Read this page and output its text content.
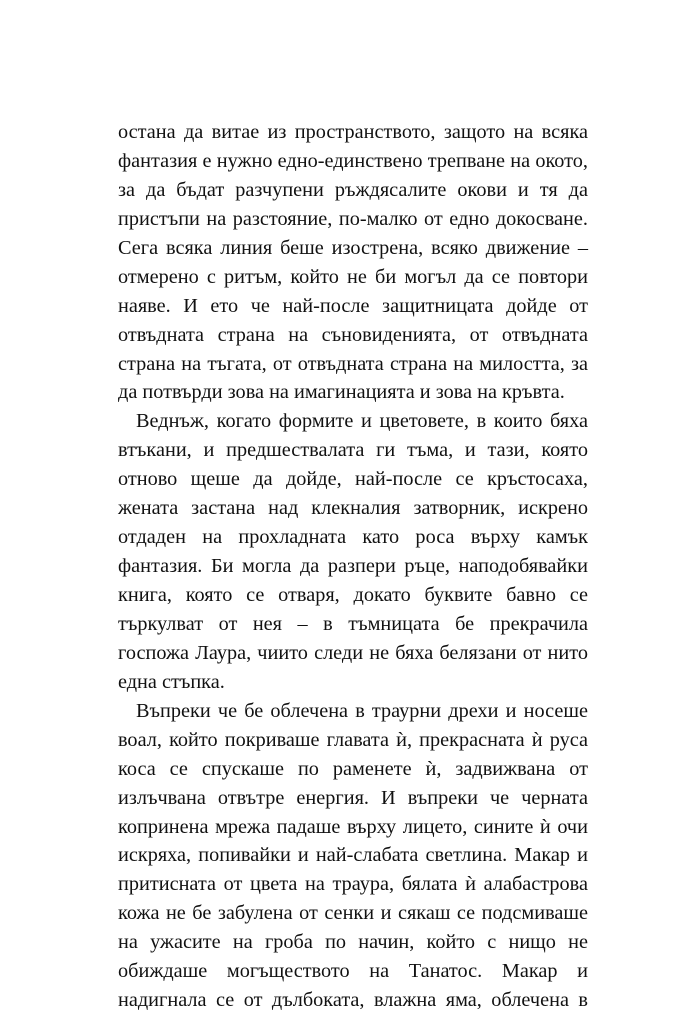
остана да витае из пространството, защото на всяка
фантазия е нужно едно-единствено трепване на окото,
за да бъдат разчупени ръждясалите окови и тя да
пристъпи на разстояние, по-малко от едно докосване.
Сега всяка линия беше изострена, всяко движение –
отмерено с ритъм, който не би могъл да се повтори
наяве. И ето че най-после защитницата дойде от
отвъдната страна на съновиденията, от отвъдната
страна на тъгата, от отвъдната страна на милостта, за
да потвърди зова на имагинацията и зова на кръвта.
Веднъж, когато формите и цветовете, в които бяха
втъкани, и предшествалата ги тъма, и тази, която
отново щеше да дойде, най-после се кръстосаха,
жената застана над клекналия затворник, искрено
отдаден на прохладната като роса върху камък
фантазия. Би могла да разпери ръце, наподобявайки
книга, която се отваря, докато буквите бавно се
търкулват от нея – в тъмницата бе прекрачила
госпожа Лаура, чиито следи не бяха белязани от нито
една стъпка.
Въпреки че бе облечена в траурни дрехи и носеше
воал, който покриваше главата ѝ, прекрасната ѝ руса
коса се спускаше по раменете ѝ, задвижвана от
излъчвана отвътре енергия. И въпреки че черната
копринена мрежа падаше върху лицето, сините ѝ очи
искряха, попивайки и най-слабата светлина. Макар и
притисната от цвета на траура, бялата ѝ алабастрова
кожа не бе забулена от сенки и сякаш се подсмиваше
на ужасите на гроба по начин, който с нищо не
обиждаше могъществото на Танатос. Макар и
надигнала се от дълбоката, влажна яма, облечена в
